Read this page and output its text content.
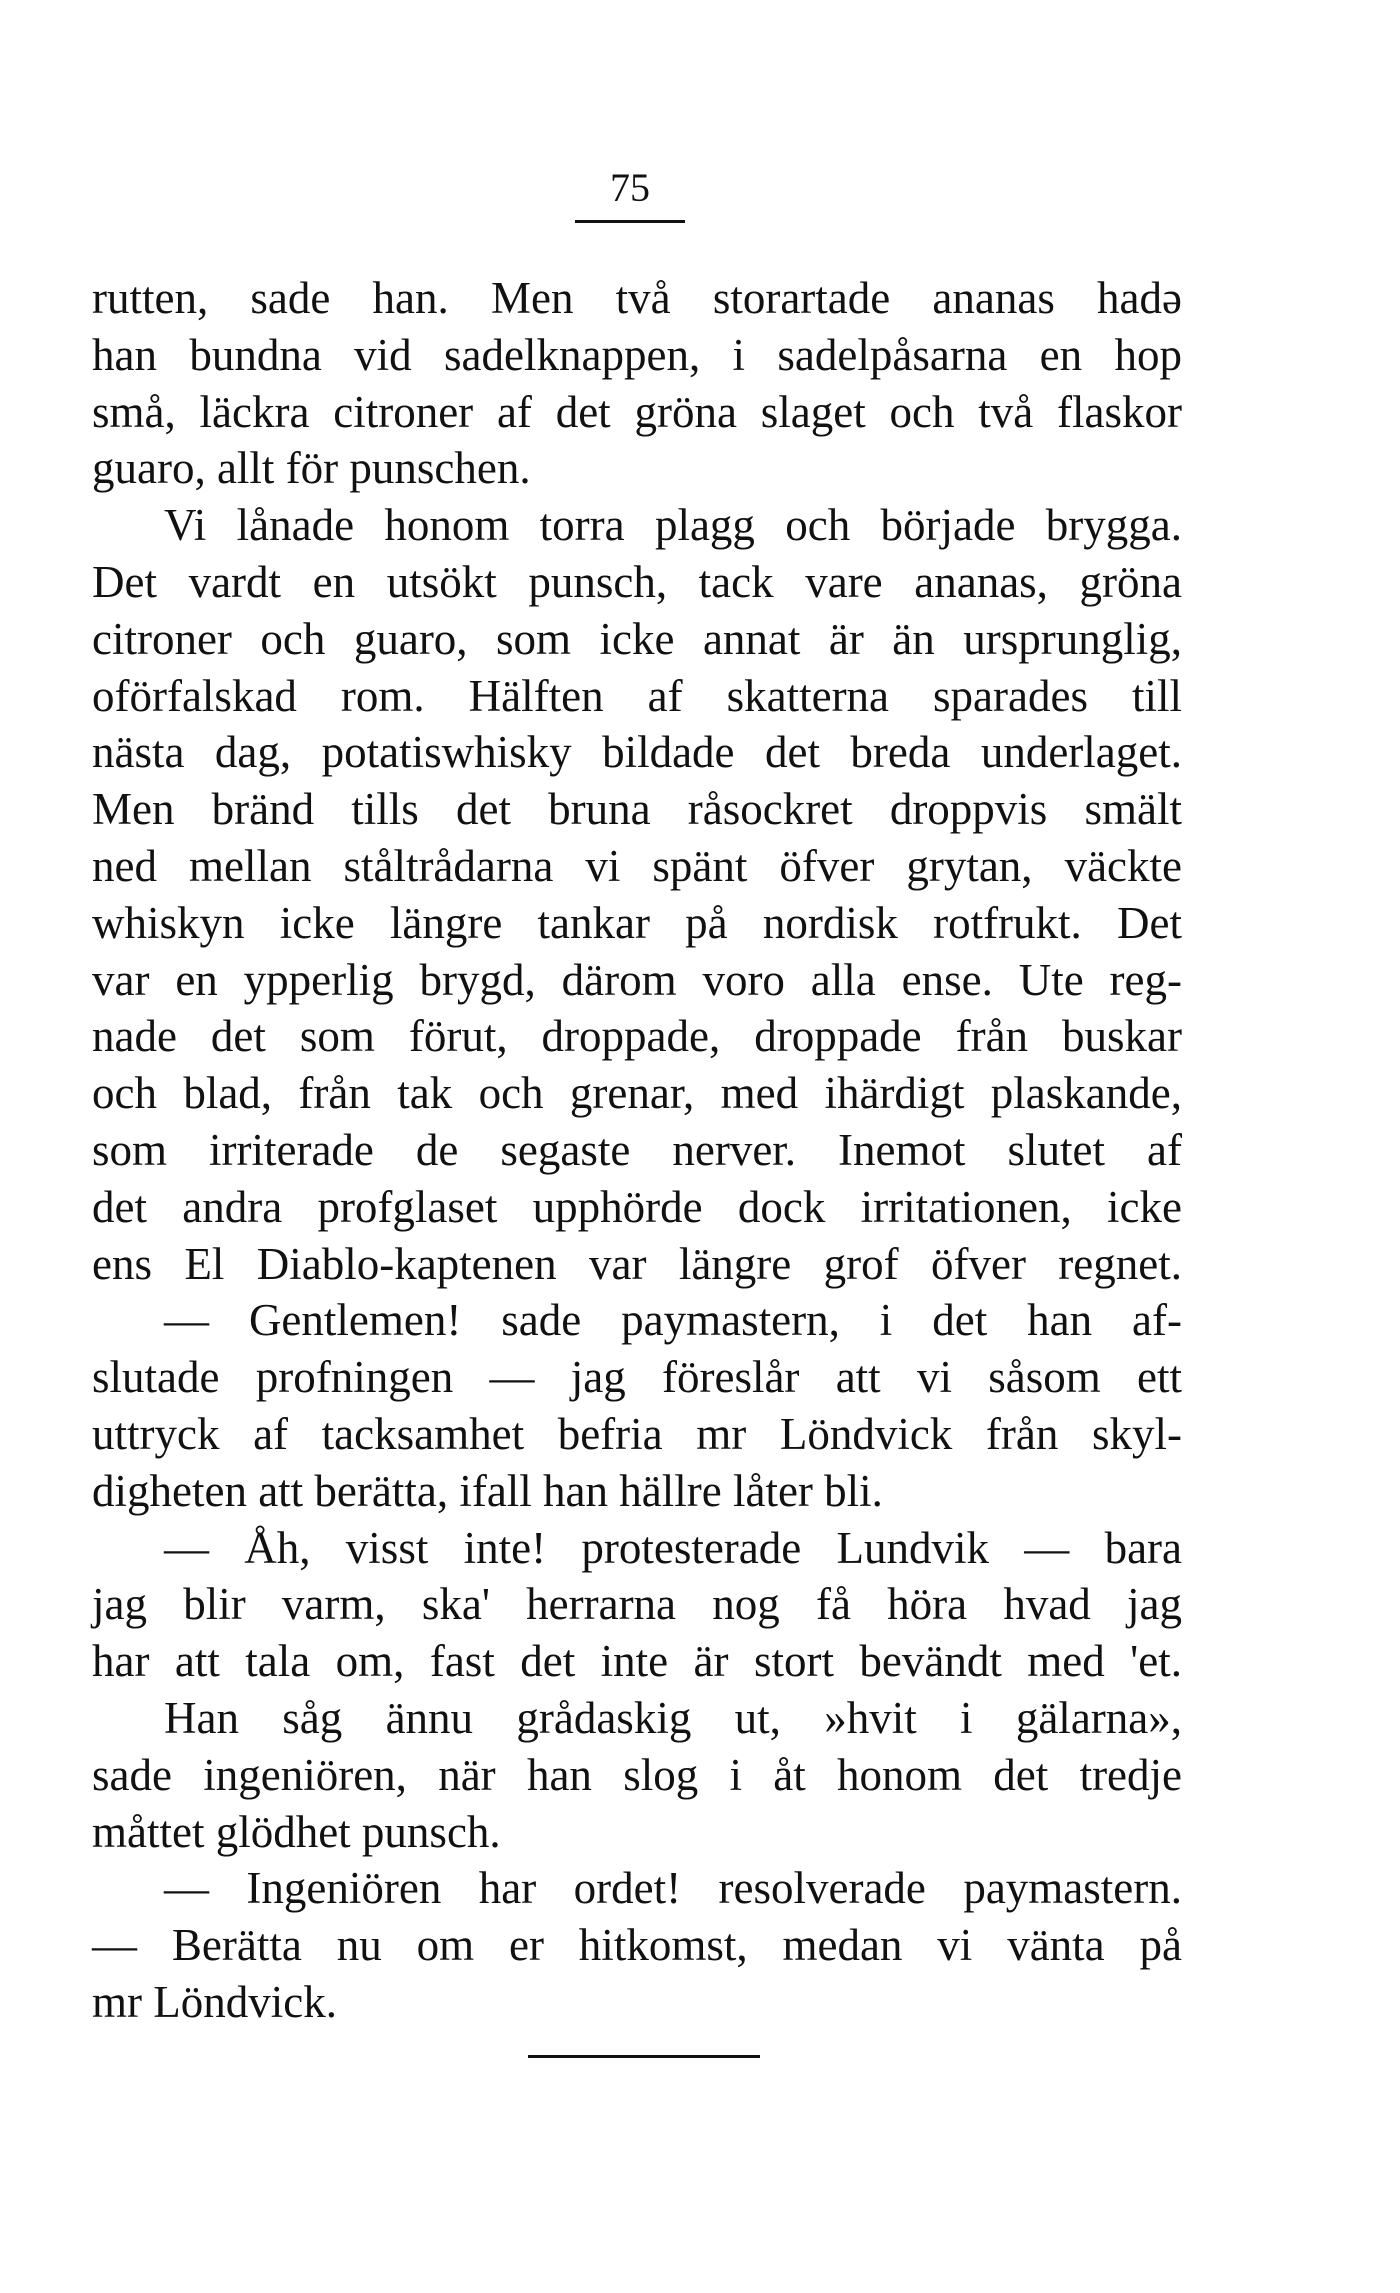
75
rutten, sade han. Men två storartade ananas hadə
han bundna vid sadelknappen, i sadelpåsarna en hop
små, läckra citroner af det gröna slaget och två flaskor
guaro, allt för punschen.
Vi lånade honom torra plagg och började brygga.
Det vardt en utsökt punsch, tack vare ananas, gröna
citroner och guaro, som icke annat är än ursprunglig,
oförfalskad rom. Hälften af skatterna sparades till
nästa dag, potatiswhisky bildade det breda underlaget.
Men bränd tills det bruna råsockret droppvis smält
ned mellan ståltrådarna vi spänt öfver grytan, väckte
whiskyn icke längre tankar på nordisk rotfrukt. Det
var en ypperlig brygd, därom voro alla ense. Ute reg-
nade det som förut, droppade, droppade från buskar
och blad, från tak och grenar, med ihärdigt plaskande,
som irriterade de segaste nerver. Inemot slutet af
det andra profglaset upphörde dock irritationen, icke
ens El Diablo-kaptenen var längre grof öfver regnet.
— Gentlemen! sade paymastern, i det han af-
slutade profningen — jag föreslår att vi såsom ett
uttryck af tacksamhet befria mr Löndvick från skyl-
digheten att berätta, ifall han hällre låter bli.
— Åh, visst inte! protesterade Lundvik — bara
jag blir varm, ska' herrarna nog få höra hvad jag
har att tala om, fast det inte är stort bevändt med 'et.
Han såg ännu grådaskig ut, »hvit i gälarna»,
sade ingeniören, när han slog i åt honom det tredje
måttet glödhet punsch.
— Ingeniören har ordet! resolverade paymastern.
— Berätta nu om er hitkomst, medan vi vänta på
mr Löndvick.
